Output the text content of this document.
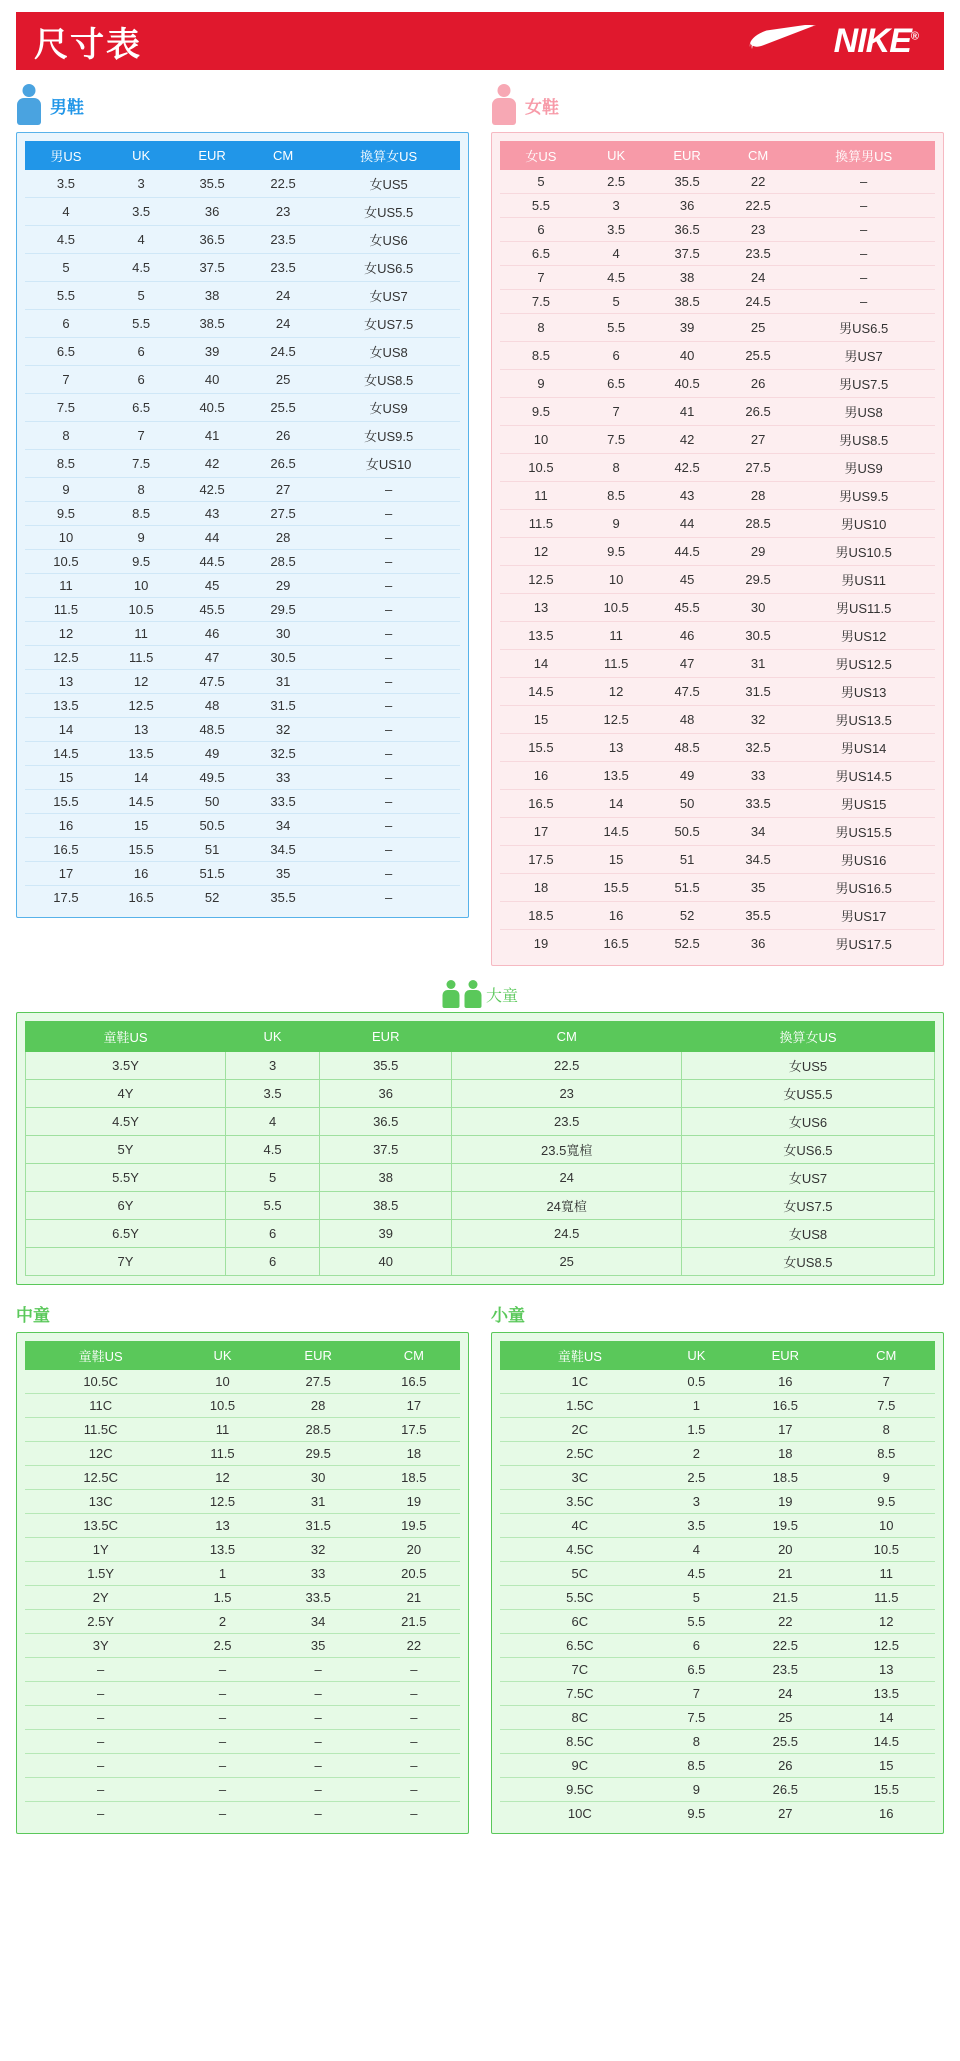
尺寸表	NIKE®
男鞋
男US	UK	EUR	CM	換算女US
3.5	3	35.5	22.5	女US5
4	3.5	36	23	女US5.5
4.5	4	36.5	23.5	女US6
5	4.5	37.5	23.5	女US6.5
5.5	5	38	24	女US7
6	5.5	38.5	24	女US7.5
6.5	6	39	24.5	女US8
7	6	40	25	女US8.5
7.5	6.5	40.5	25.5	女US9
8	7	41	26	女US9.5
8.5	7.5	42	26.5	女US10
9	8	42.5	27	–
9.5	8.5	43	27.5	–
10	9	44	28	–
10.5	9.5	44.5	28.5	–
11	10	45	29	–
11.5	10.5	45.5	29.5	–
12	11	46	30	–
12.5	11.5	47	30.5	–
13	12	47.5	31	–
13.5	12.5	48	31.5	–
14	13	48.5	32	–
14.5	13.5	49	32.5	–
15	14	49.5	33	–
15.5	14.5	50	33.5	–
16	15	50.5	34	–
16.5	15.5	51	34.5	–
17	16	51.5	35	–
17.5	16.5	52	35.5	–
女鞋
女US	UK	EUR	CM	換算男US
5	2.5	35.5	22	–
5.5	3	36	22.5	–
6	3.5	36.5	23	–
6.5	4	37.5	23.5	–
7	4.5	38	24	–
7.5	5	38.5	24.5	–
8	5.5	39	25	男US6.5
8.5	6	40	25.5	男US7
9	6.5	40.5	26	男US7.5
9.5	7	41	26.5	男US8
10	7.5	42	27	男US8.5
10.5	8	42.5	27.5	男US9
11	8.5	43	28	男US9.5
11.5	9	44	28.5	男US10
12	9.5	44.5	29	男US10.5
12.5	10	45	29.5	男US11
13	10.5	45.5	30	男US11.5
13.5	11	46	30.5	男US12
14	11.5	47	31	男US12.5
14.5	12	47.5	31.5	男US13
15	12.5	48	32	男US13.5
15.5	13	48.5	32.5	男US14
16	13.5	49	33	男US14.5
16.5	14	50	33.5	男US15
17	14.5	50.5	34	男US15.5
17.5	15	51	34.5	男US16
18	15.5	51.5	35	男US16.5
18.5	16	52	35.5	男US17
19	16.5	52.5	36	男US17.5
大童
童鞋US	UK	EUR	CM	換算女US
3.5Y	3	35.5	22.5	女US5
4Y	3.5	36	23	女US5.5
4.5Y	4	36.5	23.5	女US6
5Y	4.5	37.5	23.5寬楦	女US6.5
5.5Y	5	38	24	女US7
6Y	5.5	38.5	24寬楦	女US7.5
6.5Y	6	39	24.5	女US8
7Y	6	40	25	女US8.5
中童
童鞋US	UK	EUR	CM
10.5C	10	27.5	16.5
11C	10.5	28	17
11.5C	11	28.5	17.5
12C	11.5	29.5	18
12.5C	12	30	18.5
13C	12.5	31	19
13.5C	13	31.5	19.5
1Y	13.5	32	20
1.5Y	1	33	20.5
2Y	1.5	33.5	21
2.5Y	2	34	21.5
3Y	2.5	35	22
–	–	–	–
–	–	–	–
–	–	–	–
–	–	–	–
–	–	–	–
–	–	–	–
–	–	–	–
小童
童鞋US	UK	EUR	CM
1C	0.5	16	7
1.5C	1	16.5	7.5
2C	1.5	17	8
2.5C	2	18	8.5
3C	2.5	18.5	9
3.5C	3	19	9.5
4C	3.5	19.5	10
4.5C	4	20	10.5
5C	4.5	21	11
5.5C	5	21.5	11.5
6C	5.5	22	12
6.5C	6	22.5	12.5
7C	6.5	23.5	13
7.5C	7	24	13.5
8C	7.5	25	14
8.5C	8	25.5	14.5
9C	8.5	26	15
9.5C	9	26.5	15.5
10C	9.5	27	16
